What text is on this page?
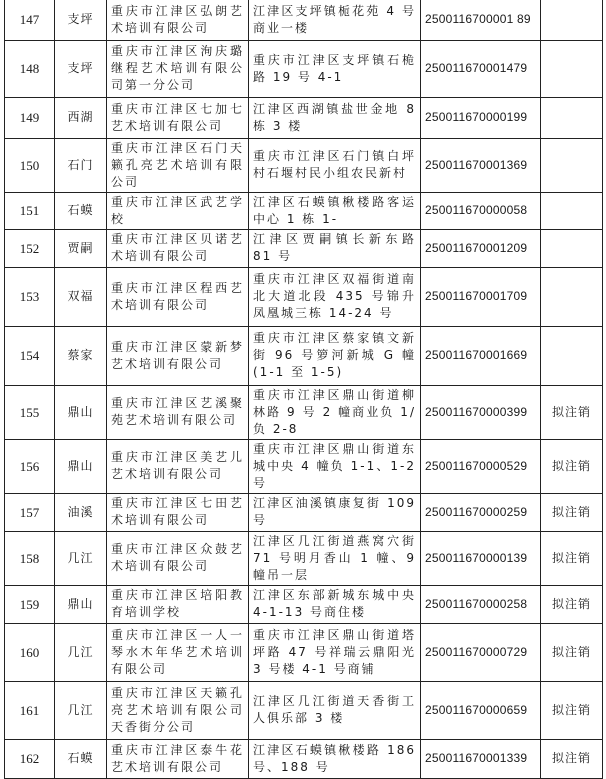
147	支坪	重庆市江津区弘朗艺术培训有限公司	江津区支坪镇栀花苑 4 号商业一楼	2500116700001 89	
148	支坪	重庆市江津区洵庆璐继程艺术培训有限公司第一分公司	重庆市江津区支坪镇石桅路 19 号 4-1	250011670001479	
149	西湖	重庆市江津区七加七艺术培训有限公司	江津区西湖镇盐世金地 8 栋 3 楼	250011670000199	
150	石门	重庆市江津区石门天籁孔亮艺术培训有限公司	重庆市江津区石门镇白坪村石堰村民小组农民新村	250011670001369	
151	石蟆	重庆市江津区武艺学校	江津区石蟆镇楸楼路客运中心 1 栋 1-	250011670000058	
152	贾嗣	重庆市江津区贝诺艺术培训有限公司	江津区贾嗣镇长新东路 81 号	250011670001209	
153	双福	重庆市江津区程西艺术培训有限公司	重庆市江津区双福街道南北大道北段 435 号锦升凤凰城三栋 14-24 号	250011670001709	
154	蔡家	重庆市江津区蒙新梦艺术培训有限公司	重庆市江津区蔡家镇文新街 96 号箩河新城 G 幢 (1-1 至 1-5)	250011670001669	
155	鼎山	重庆市江津区艺溪聚苑艺术培训有限公司	重庆市江津区鼎山街道柳林路 9 号 2 幢商业负 1/负 2-8	250011670000399	拟注销
156	鼎山	重庆市江津区美艺儿艺术培训有限公司	重庆市江津区鼎山街道东城中央 4 幢负 1-1、1-2 号	250011670000529	拟注销
157	油溪	重庆市江津区七田艺术培训有限公司	江津区油溪镇康复街 109 号	250011670000259	拟注销
158	几江	重庆市江津区众鼓艺术培训有限公司	江津区几江街道燕窝穴街 71 号明月香山 1 幢、9 幢吊一层	250011670000139	拟注销
159	鼎山	重庆市江津区培阳教育培训学校	江津区东部新城东城中央 4-1-13 号商住楼	250011670000258	拟注销
160	几江	重庆市江津区一人一琴水木年华艺术培训有限公司	重庆市江津区鼎山街道塔坪路 47 号祥瑞云鼎阳光 3 号楼 4-1 号商铺	250011670000729	拟注销
161	几江	重庆市江津区天籁孔亮艺术培训有限公司天香街分公司	江津区几江街道天香街工人俱乐部 3 楼	250011670000659	拟注销
162	石蟆	重庆市江津区泰牛花艺术培训有限公司	江津区石蟆镇楸楼路 186 号、188 号	250011670001339	拟注销
